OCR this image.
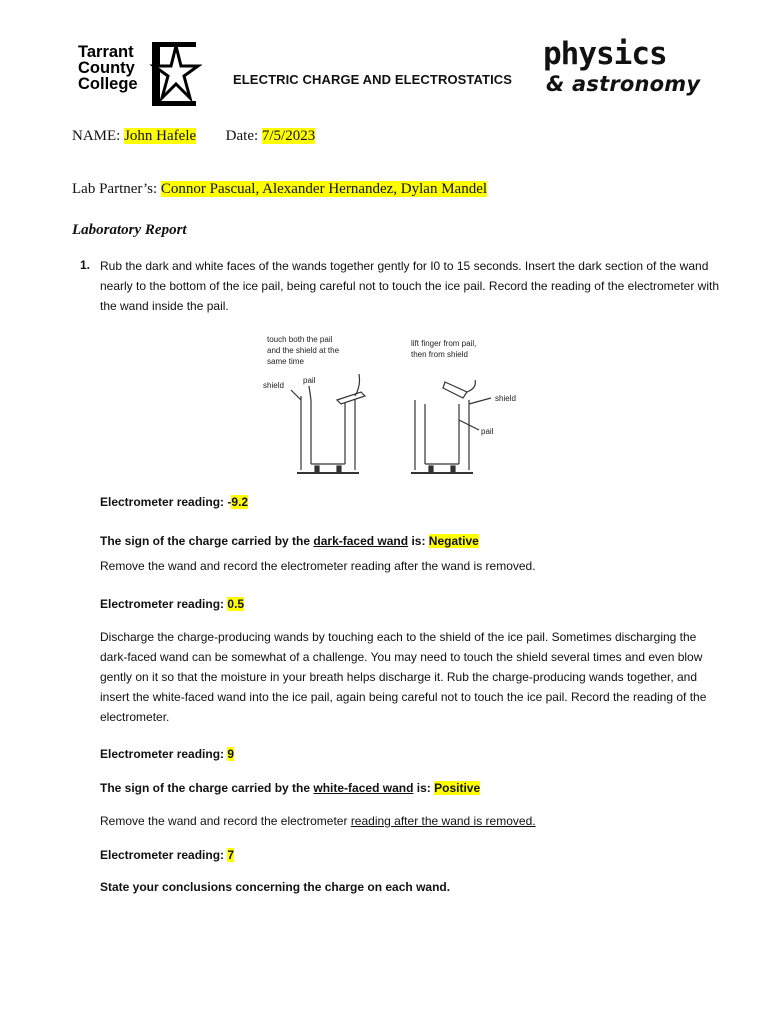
Tarrant
County
College	ELECTRIC CHARGE AND ELECTROSTATICS
physics
& astronomy
NAME: John Hafele Date: 7/5/2023
Lab Partner’s: Connor Pascual, Alexander Hernandez, Dylan Mandel
Laboratory Report
1. Rub the dark and white faces of the wands together gently for I0 to 15 seconds. Insert the dark section of the wand nearly to the bottom of the ice pail, being careful not to touch the ice pail. Record the reading of the electrometer with the wand inside the pail.
touch both the pail
and the shield at the
same time
shield
pail
lift finger from pail,
then from shield
shield
pail
Electrometer reading: -9.2
The sign of the charge carried by the dark-faced wand is: Negative
Remove the wand and record the electrometer reading after the wand is removed.
Electrometer reading: 0.5
Discharge the charge-producing wands by touching each to the shield of the ice pail. Sometimes discharging the dark-faced wand can be somewhat of a challenge. You may need to touch the shield several times and even blow gently on it so that the moisture in your breath helps discharge it. Rub the charge-producing wands together, and insert the white-faced wand into the ice pail, again being careful not to touch the ice pail. Record the reading of the electrometer.
Electrometer reading: 9
The sign of the charge carried by the white-faced wand is: Positive
Remove the wand and record the electrometer reading after the wand is removed.
Electrometer reading: 7
State your conclusions concerning the charge on each wand.
